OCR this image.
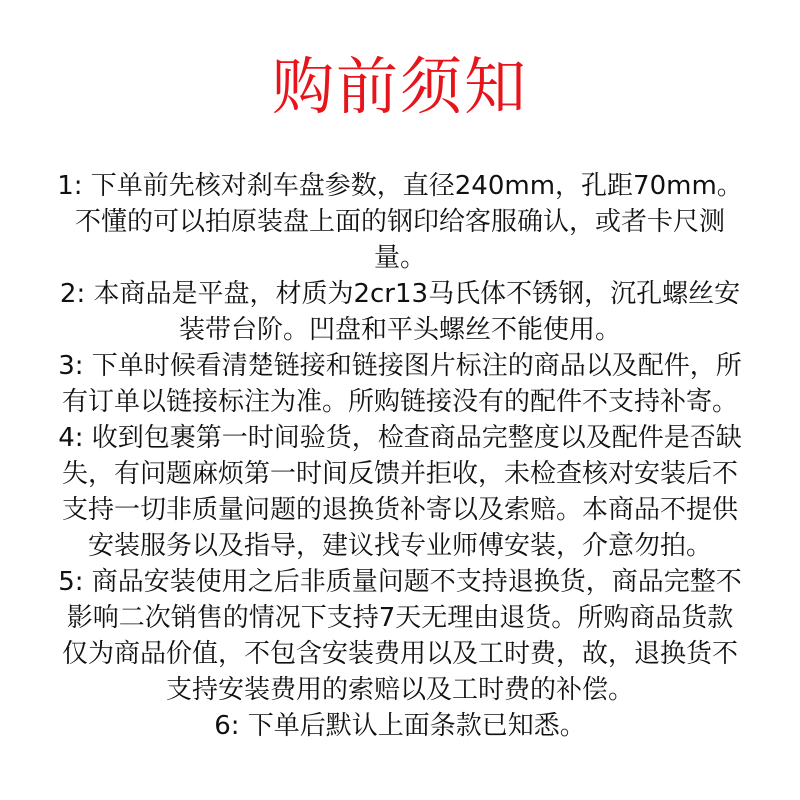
购前须知
1: 下单前先核对刹车盘参数，直径240mm，孔距70mm。
不懂的可以拍原装盘上面的钢印给客服确认，或者卡尺测
量。
2: 本商品是平盘，材质为2cr13马氏体不锈钢，沉孔螺丝安
装带台阶。凹盘和平头螺丝不能使用。
3: 下单时候看清楚链接和链接图片标注的商品以及配件，所
有订单以链接标注为准。所购链接没有的配件不支持补寄。
4: 收到包裹第一时间验货，检查商品完整度以及配件是否缺
失，有问题麻烦第一时间反馈并拒收，未检查核对安装后不
支持一切非质量问题的退换货补寄以及索赔。本商品不提供
安装服务以及指导，建议找专业师傅安装，介意勿拍。
5: 商品安装使用之后非质量问题不支持退换货，商品完整不
影响二次销售的情况下支持7天无理由退货。所购商品货款
仅为商品价值，不包含安装费用以及工时费，故，退换货不
支持安装费用的索赔以及工时费的补偿。
6: 下单后默认上面条款已知悉。
